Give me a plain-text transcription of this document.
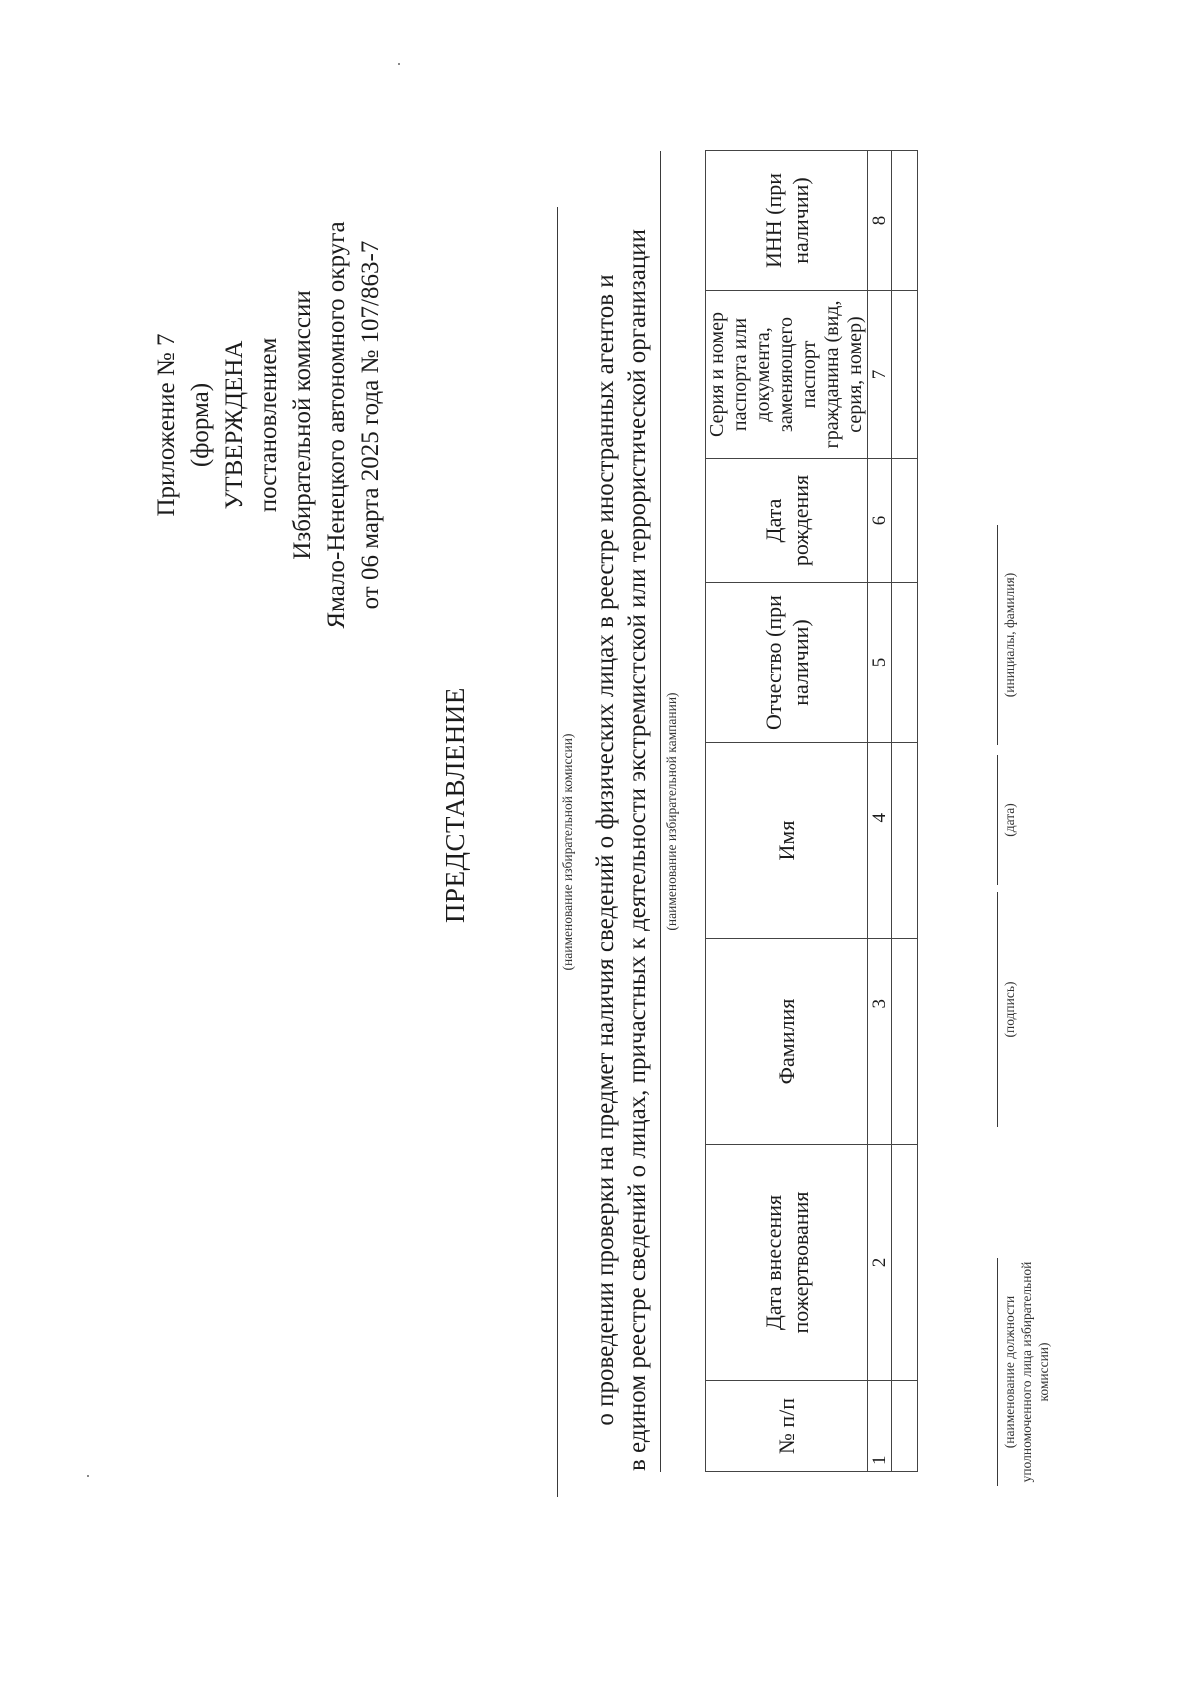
Приложение № 7 (форма) УТВЕРЖДЕНА постановлением Избирательной комиссии Ямало-Ненецкого автономного округа от 06 марта 2025 года № 107/863-7
ПРЕДСТАВЛЕНИЕ	(наименование избирательной комиссии) о проведении проверки на предмет наличия сведений о физических лицах в реестре иностранных агентов и в едином реестре сведений о лицах, причастных к деятельности экстремистской или террористической организации (наименование избирательной кампании)
№ п/п	Дата внесения пожертвования	Фамилия	Имя	Отчество (при наличии)	Дата рождения	Серия и номер паспорта или документа, заменяющего паспорт гражданина (вид, серия, номер)	ИНН (при наличии)
1	2	3	4	5	6	7	8

(наименование должности уполномоченного лица избирательной комиссии)
(подпись)
(дата)
(инициалы, фамилия)
